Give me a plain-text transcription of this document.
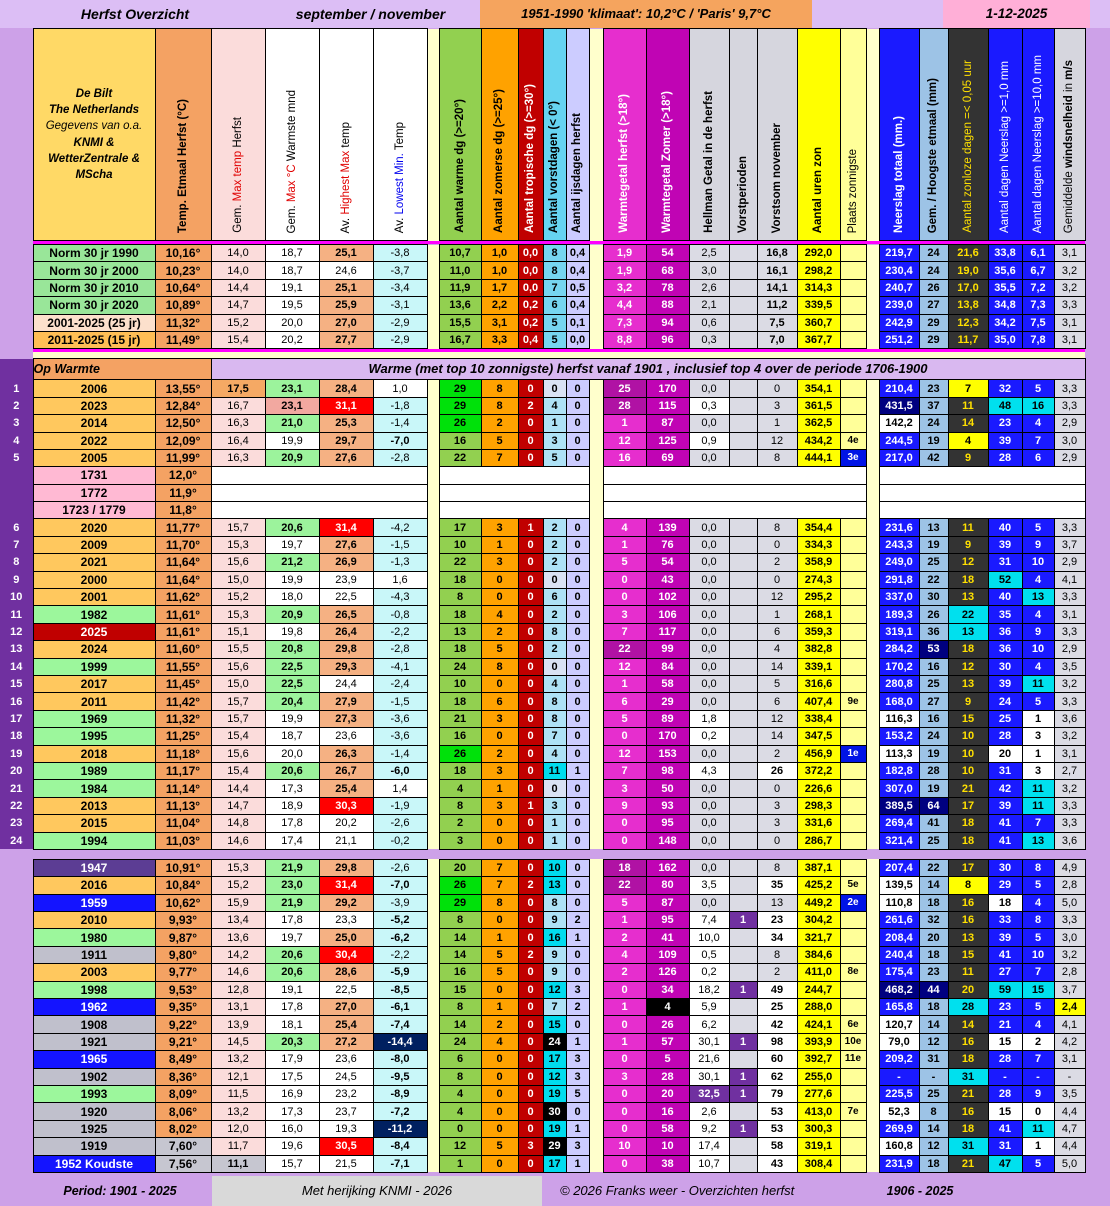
Herfst Overzicht	september / november	1951-1990 'klimaat': 10,2°C / 'Paris' 9,7°C	1-12-2025

De Bilt
The Netherlands
Gegevens van o.a.
KNMI &
WetterZentrale &
MScha	Temp. Etmaal Herfst (°C)	Gem. Max temp Herfst

Gem. Max °C Warmste mnd

Av. Highest Max temp

Av. Lowest Min. Temp		Aantal warme dg (>=20°)	Aantal zomerse dg (>=25°)	Aantal tropische dg (>=30°)	Aantal vorstdagen (< 0°)	Aantal ijsdagen herfst		Warmtegetal herfst (>18°)	Warmtegetal Zomer (>18°)	Hellman Getal in de herfst	Vorstperioden	Vorstsom november	Aantal uren zon	Plaats zonnigste		Neerslag totaal (mm.)	Gem. / Hoogste etmaal (mm)	Aantal zonloze dagen =< 0,05 uur	Aantal dagen Neerslag >=1,0 mm	Aantal dagen Neerslag >=10,0 mm	Gemiddelde windsnelheid in m/s

	Norm 30 jr 1990	10,16°	14,0	18,7	25,1	-3,8		10,7	1,0	0,0	8	0,4		1,9	54	2,5		16,8	292,0			219,7	24	21,6	33,8	6,1	3,1	
	Norm 30 jr 2000	10,23°	14,0	18,7	24,6	-3,7		11,0	1,0	0,0	8	0,4		1,9	68	3,0		16,1	298,2			230,4	24	19,0	35,6	6,7	3,2	
	Norm 30 jr 2010	10,64°	14,4	19,1	25,1	-3,4		11,9	1,7	0,0	7	0,5		3,2	78	2,6		14,1	314,3			240,7	26	17,0	35,5	7,2	3,2	
	Norm 30 jr 2020	10,89°	14,7	19,5	25,9	-3,1		13,6	2,2	0,2	6	0,4		4,4	88	2,1		11,2	339,5			239,0	27	13,8	34,8	7,3	3,3	
	2001-2025 (25 jr)	11,32°	15,2	20,0	27,0	-2,9		15,5	3,1	0,2	5	0,1		7,3	94	0,6		7,5	360,7			242,9	29	12,3	34,2	7,5	3,1	
	2011-2025 (15 jr)	11,49°	15,4	20,2	27,7	-2,9		16,7	3,3	0,4	5	0,0		8,8	96	0,3		7,0	367,7			251,2	29	11,7	35,0	7,8	3,1	

	Op Warmte		Warme (met top 10 zonnigste) herfst vanaf 1901 , inclusief top 4 over de periode 1706-1900																									
1	2006	13,55°	17,5	23,1	28,4	1,0		29	8	0	0	0		25	170	0,0		0	354,1			210,4	23	7	32	5	3,3	
2	2023	12,84°	16,7	23,1	31,1	-1,8		29	8	2	4	0		28	115	0,3		3	361,5			431,5	37	11	48	16	3,3	
3	2014	12,50°	16,3	21,0	25,3	-1,4		26	2	0	1	0		1	87	0,0		1	362,5			142,2	24	14	23	4	2,9	
4	2022	12,09°	16,4	19,9	29,7	-7,0		16	5	0	3	0		12	125	0,9		12	434,2	4e		244,5	19	4	39	7	3,0	
5	2005	11,99°	16,3	20,9	27,6	-2,8		22	7	0	5	0		16	69	0,0		8	444,1	3e		217,0	42	9	28	6	2,9	
	1731	12,0°																										
	1772	11,9°																										
	1723 / 1779	11,8°																										
6	2020	11,77°	15,7	20,6	31,4	-4,2		17	3	1	2	0		4	139	0,0		8	354,4			231,6	13	11	40	5	3,3	
7	2009	11,70°	15,3	19,7	27,6	-1,5		10	1	0	2	0		1	76	0,0		0	334,3			243,3	19	9	39	9	3,7	
8	2021	11,64°	15,6	21,2	26,9	-1,3		22	3	0	2	0		5	54	0,0		2	358,9			249,0	25	12	31	10	2,9	
9	2000	11,64°	15,0	19,9	23,9	1,6		18	0	0	0	0		0	43	0,0		0	274,3			291,8	22	18	52	4	4,1	
10	2001	11,62°	15,2	18,0	22,5	-4,3		8	0	0	6	0		0	102	0,0		12	295,2			337,0	30	13	40	13	3,3	
11	1982	11,61°	15,3	20,9	26,5	-0,8		18	4	0	2	0		3	106	0,0		1	268,1			189,3	26	22	35	4	3,1	
12	2025	11,61°	15,1	19,8	26,4	-2,2		13	2	0	8	0		7	117	0,0		6	359,3			319,1	36	13	36	9	3,3	
13	2024	11,60°	15,5	20,8	29,8	-2,8		18	5	0	2	0		22	99	0,0		4	382,8			284,2	53	18	36	10	2,9	
14	1999	11,55°	15,6	22,5	29,3	-4,1		24	8	0	0	0		12	84	0,0		14	339,1			170,2	16	12	30	4	3,5	
15	2017	11,45°	15,0	22,5	24,4	-2,4		10	0	0	4	0		1	58	0,0		5	316,6			280,8	25	13	39	11	3,2	
16	2011	11,42°	15,7	20,4	27,9	-1,5		18	6	0	8	0		6	29	0,0		6	407,4	9e		168,0	27	9	24	5	3,3	
17	1969	11,32°	15,7	19,9	27,3	-3,6		21	3	0	8	0		5	89	1,8		12	338,4			116,3	16	15	25	1	3,6	
18	1995	11,25°	15,4	18,7	23,6	-3,6		16	0	0	7	0		0	170	0,2		14	347,5			153,2	24	10	28	3	3,2	
19	2018	11,18°	15,6	20,0	26,3	-1,4		26	2	0	4	0		12	153	0,0		2	456,9	1e		113,3	19	10	20	1	3,1	
20	1989	11,17°	15,4	20,6	26,7	-6,0		18	3	0	11	1		7	98	4,3		26	372,2			182,8	28	10	31	3	2,7	
21	1984	11,14°	14,4	17,3	25,4	1,4		4	1	0	0	0		3	50	0,0		0	226,6			307,0	19	21	42	11	3,2	
22	2013	11,13°	14,7	18,9	30,3	-1,9		8	3	1	3	0		9	93	0,0		3	298,3			389,5	64	17	39	11	3,3	
23	2015	11,04°	14,8	17,8	20,2	-2,6		2	0	0	1	0		0	95	0,0		3	331,6			269,4	41	18	41	7	3,3	
24	1994	11,03°	14,6	17,4	21,1	-0,2		3	0	0	1	0		0	148	0,0		0	286,7			321,4	25	18	41	13	3,6	

	1947	10,91°	15,3	21,9	29,8	-2,6		20	7	0	10	0		18	162	0,0		8	387,1			207,4	22	17	30	8	4,9	
	2016	10,84°	15,2	23,0	31,4	-7,0		26	7	2	13	0		22	80	3,5		35	425,2	5e		139,5	14	8	29	5	2,8	
	1959	10,62°	15,9	21,9	29,2	-3,9		29	8	0	8	0		5	87	0,0		13	449,2	2e		110,8	18	16	18	4	5,0	
	2010	9,93°	13,4	17,8	23,3	-5,2		8	0	0	9	2		1	95	7,4	1	23	304,2			261,6	32	16	33	8	3,3	
	1980	9,87°	13,6	19,7	25,0	-6,2		14	1	0	16	1		2	41	10,0		34	321,7			208,4	20	13	39	5	3,0	
	1911	9,80°	14,2	20,6	30,4	-2,2		14	5	2	9	0		4	109	0,5		8	384,6			240,4	18	15	41	10	3,2	
	2003	9,77°	14,6	20,6	28,6	-5,9		16	5	0	9	0		2	126	0,2		2	411,0	8e		175,4	23	11	27	7	2,8	
	1998	9,53°	12,8	19,1	22,5	-8,5		15	0	0	12	3		0	34	18,2	1	49	244,7			468,2	44	20	59	15	3,7	
	1962	9,35°	13,1	17,8	27,0	-6,1		8	1	0	7	2		1	4	5,9		25	288,0			165,8	18	28	23	5	2,4	
	1908	9,22°	13,9	18,1	25,4	-7,4		14	2	0	15	0		0	26	6,2		42	424,1	6e		120,7	14	14	21	4	4,1	
	1921	9,21°	14,5	20,3	27,2	-14,4		24	4	0	24	1		1	57	30,1	1	98	393,9	10e		79,0	12	16	15	2	4,2	
	1965	8,49°	13,2	17,9	23,6	-8,0		6	0	0	17	3		0	5	21,6		60	392,7	11e		209,2	31	18	28	7	3,1	
	1902	8,36°	12,1	17,5	24,5	-9,5		8	0	0	12	3		3	28	30,1	1	62	255,0			-	-	31	-	-	-	
	1993	8,09°	11,5	16,9	23,2	-8,9		4	0	0	19	5		0	20	32,5	1	79	277,6			225,5	25	21	28	9	3,5	
	1920	8,06°	13,2	17,3	23,7	-7,2		4	0	0	30	0		0	16	2,6		53	413,0	7e		52,3	8	16	15	0	4,4	
	1925	8,02°	12,0	16,0	19,3	-11,2		0	0	0	19	1		0	58	9,2	1	53	300,3			269,9	14	18	41	11	4,7	
	1919	7,60°	11,7	19,6	30,5	-8,4		12	5	3	29	3		10	10	17,4		58	319,1			160,8	12	31	31	1	4,4	
	1952 Koudste	7,56°	11,1	15,7	21,5	-7,1		1	0	0	17	1		0	38	10,7		43	308,4			231,9	18	21	47	5	5,0	
Period: 1901 - 2025	Met herijking KNMI - 2026	© 2026 Franks weer - Overzichten herfst	1906 - 2025
